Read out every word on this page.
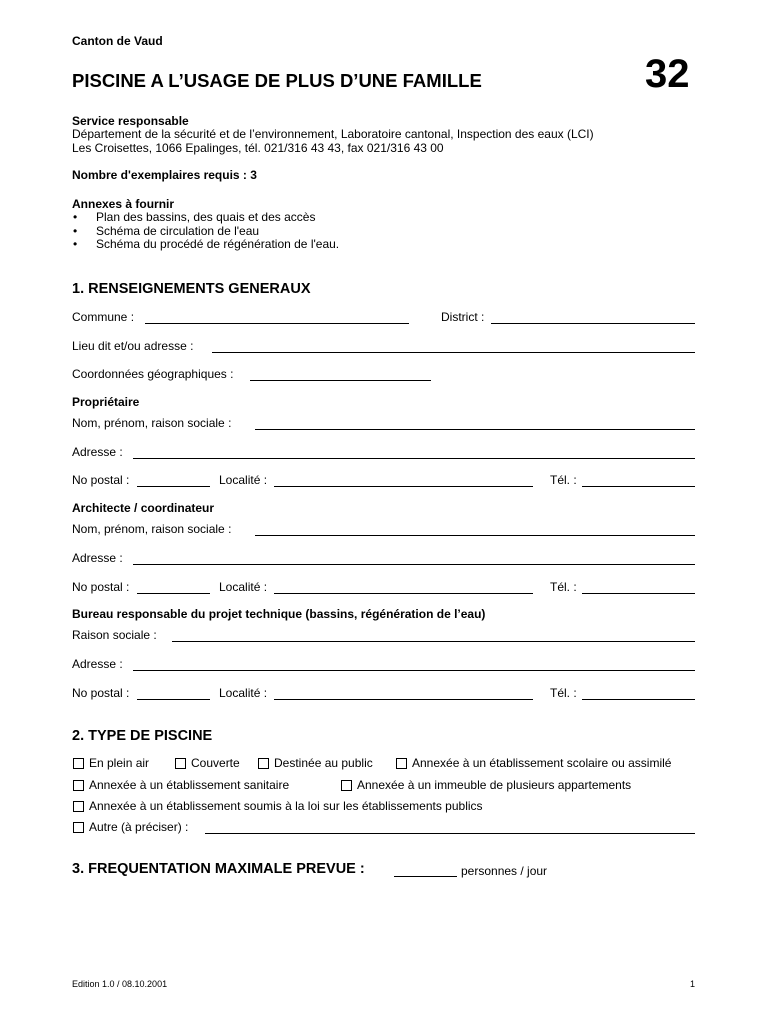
Canton de Vaud
PISCINE A L’USAGE DE PLUS D’UNE FAMILLE	32
Service responsable
Département de la sécurité et de l’environnement, Laboratoire cantonal, Inspection des eaux (LCI)
Les Croisettes, 1066 Epalinges, tél. 021/316 43 43, fax 021/316 43 00
Nombre d'exemplaires requis : 3
Annexes à fournir
• Plan des bassins, des quais et des accès
• Schéma de circulation de l'eau
• Schéma du procédé de régénération de l'eau.
1. RENSEIGNEMENTS GENERAUX
Commune :	District :
Lieu dit et/ou adresse :
Coordonnées géographiques :
Propriétaire
Nom, prénom, raison sociale :
Adresse :
No postal :	Localité :	Tél. :
Architecte / coordinateur
Nom, prénom, raison sociale :
Adresse :
No postal :	Localité :	Tél. :
Bureau responsable du projet technique (bassins, régénération de l’eau)
Raison sociale :
Adresse :
No postal :	Localité :	Tél. :
2. TYPE DE PISCINE
En plein air	Couverte	Destinée au public	Annexée à un établissement scolaire ou assimilé
Annexée à un établissement sanitaire	Annexée à un immeuble de plusieurs appartements
Annexée à un établissement soumis à la loi sur les établissements publics
Autre (à préciser) :
3. FREQUENTATION MAXIMALE PREVUE :	personnes / jour
Edition 1.0 / 08.10.2001	1
